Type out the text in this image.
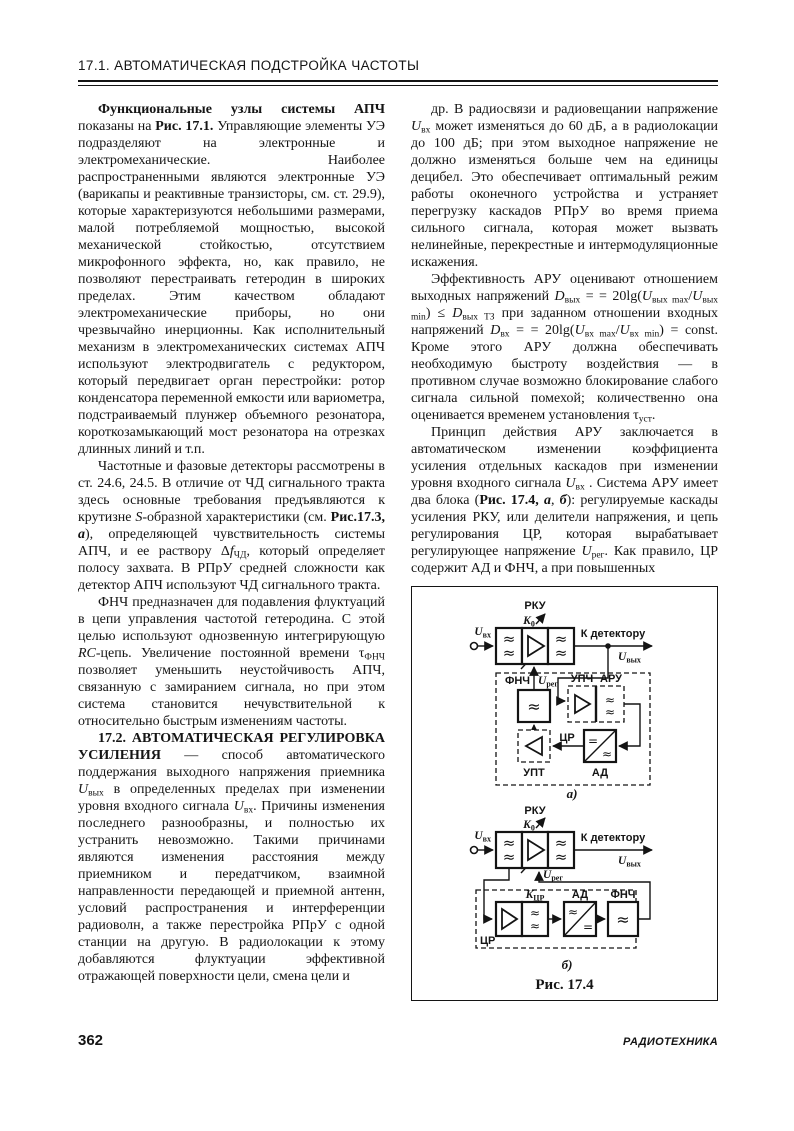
17.1. АВТОМАТИЧЕСКАЯ ПОДСТРОЙКА ЧАСТОТЫ

Функциональные узлы системы АПЧ показаны на Рис. 17.1. Управляющие элементы УЭ подразделяют на электронные и электромеханические. Наиболее распространенными являются электронные УЭ (варикапы и реактивные транзисторы, см. ст. 29.9), которые характеризуются небольшими размерами, малой потребляемой мощностью, высокой механической стойкостью, отсутствием микрофонного эффекта, но, как правило, не позволяют перестраивать гетеродин в широких пределах. Этим качеством обладают электромеханические приборы, но они чрезвычайно инерционны. Как исполнительный механизм в электромеханических системах АПЧ используют электродвигатель с редуктором, который передвигает орган перестройки: ротор конденсатора переменной емкости или вариометра, подстраиваемый плунжер объемного резонатора, короткозамыкающий мост резонатора на отрезках длинных линий и т.п.

Частотные и фазовые детекторы рассмотрены в ст. 24.6, 24.5. В отличие от ЧД сигнального тракта здесь основные требования предъявляются к крутизне S-образной характеристики (см. Рис.17.3, а), определяющей чувствительность системы АПЧ, и ее раствору ΔfЧД, который определяет полосу захвата. В РПрУ средней сложности как детектор АПЧ используют ЧД сигнального тракта.

ФНЧ предназначен для подавления флуктуаций в цепи управления частотой гетеродина. С этой целью используют однозвенную интегрирующую RC-цепь. Увеличение постоянной времени τФНЧ позволяет уменьшить неустойчивость АПЧ, связанную с замиранием сигнала, но при этом система становится нечувствительной к относительно быстрым изменениям частоты.

17.2. АВТОМАТИЧЕСКАЯ РЕГУЛИРОВКА УСИЛЕНИЯ — способ автоматического поддержания выходного напряжения приемника Uвых в определенных пределах при изменении уровня входного сигнала Uвх. Причины изменения последнего разнообразны, и полностью их устранить невозможно. Такими причинами являются изменения расстояния между приемником и передатчиком, взаимной направленности передающей и приемной антенн, условий распространения и интерференции радиоволн, а также перестройка РПрУ с одной станции на другую. В радиолокации к этому добавляются флуктуации эффективной отражающей поверхности цели, смена цели и

др. В радиосвязи и радиовещании напряжение Uвх может изменяться до 60 дБ, а в радиолокации до 100 дБ; при этом выходное напряжение не должно изменяться больше чем на единицы децибел. Это обеспечивает оптимальный режим работы оконечного устройства и устраняет перегрузку каскадов РПрУ во время приема сильного сигнала, которая может вызвать нелинейные, перекрестные и интермодуляционные искажения.

Эффективность АРУ оценивают отношением выходных напряжений Dвых = = 20lg(Uвых max/Uвых min) ≤ Dвых ТЗ при заданном отношении входных напряжений Dвх = = 20lg(Uвх max/Uвх min) = const. Кроме этого АРУ должна обеспечивать необходимую быстроту воздействия — в противном случае возможно блокирование слабого сигнала сильной помехой; количественно она оценивается временем установления τуст.

Принцип действия АРУ заключается в автоматическом изменении коэффициента усиления отдельных каскадов при изменении уровня входного сигнала Uвх . Система АРУ имеет два блока (Рис. 17.4, а, б): регулируемые каскады усиления РКУ, или делители напряжения, и цепь регулирования ЦР, которая вырабатывает регулирующее напряжение Uрег. Как правило, ЦР содержит АД и ФНЧ, а при повышенных

≈
≈
≈
≈
РКУ
$K_0$
$U_{вх}$	К детектору
$U_{вых}$
ФНЧ $U_{рег}$
≈	≈
≈
УПЧ АРУ
=
≈
АД
ЦР
УПТ
а)
≈
≈
≈
≈
РКУ
$K_0$
$U_{вх}$	К детектору
$U_{вых}$
$U_{рег}$
ЦР
≈
≈
$K_{ЦР}$
≈
=
АД
≈
ФНЧ
б)
Рис. 17.4
362	РАДИОТЕХНИКА
